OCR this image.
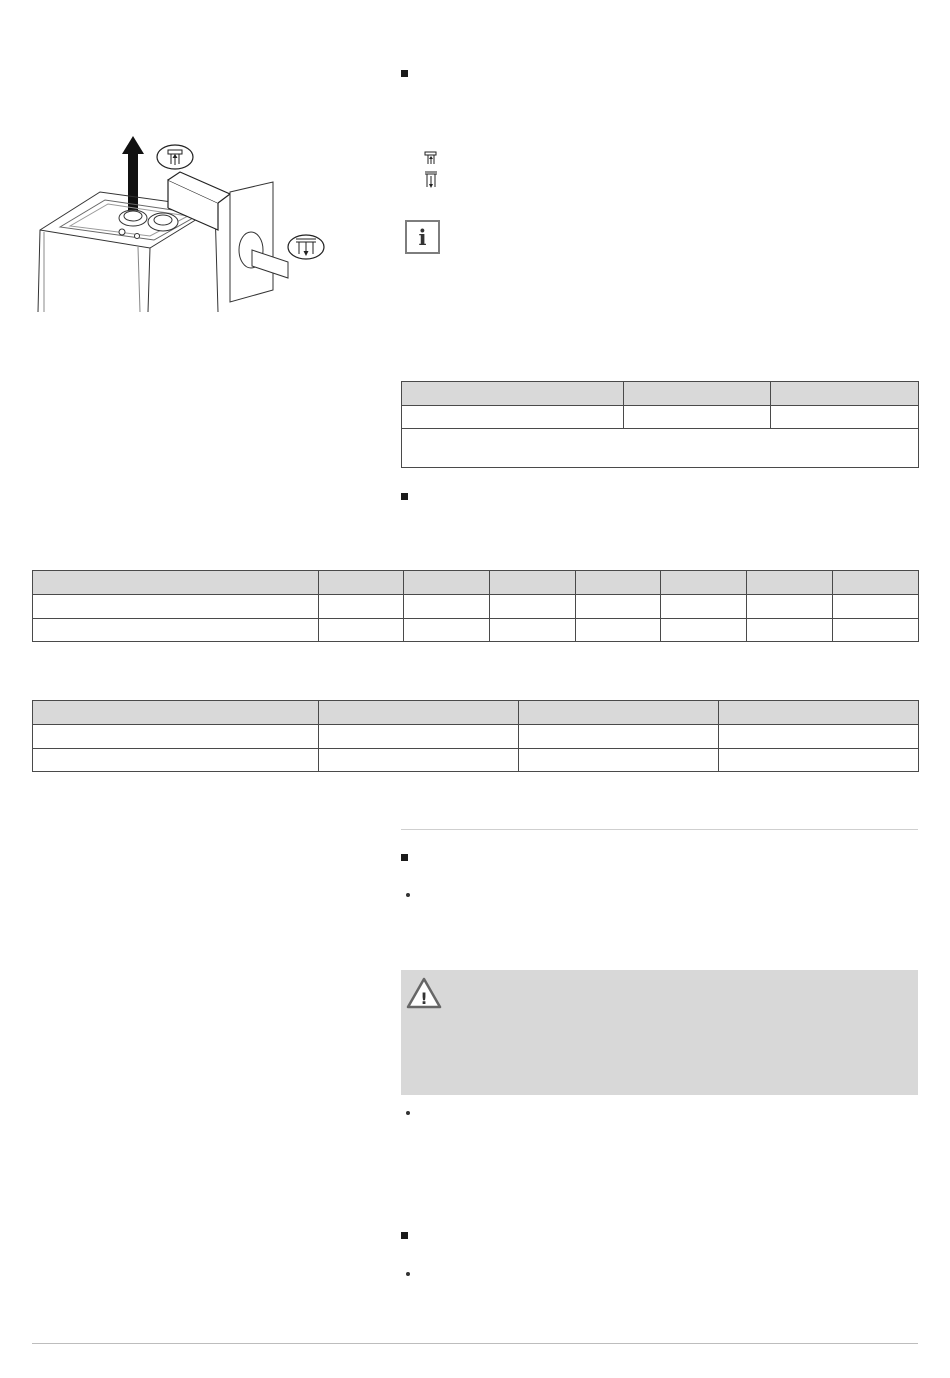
i

!
